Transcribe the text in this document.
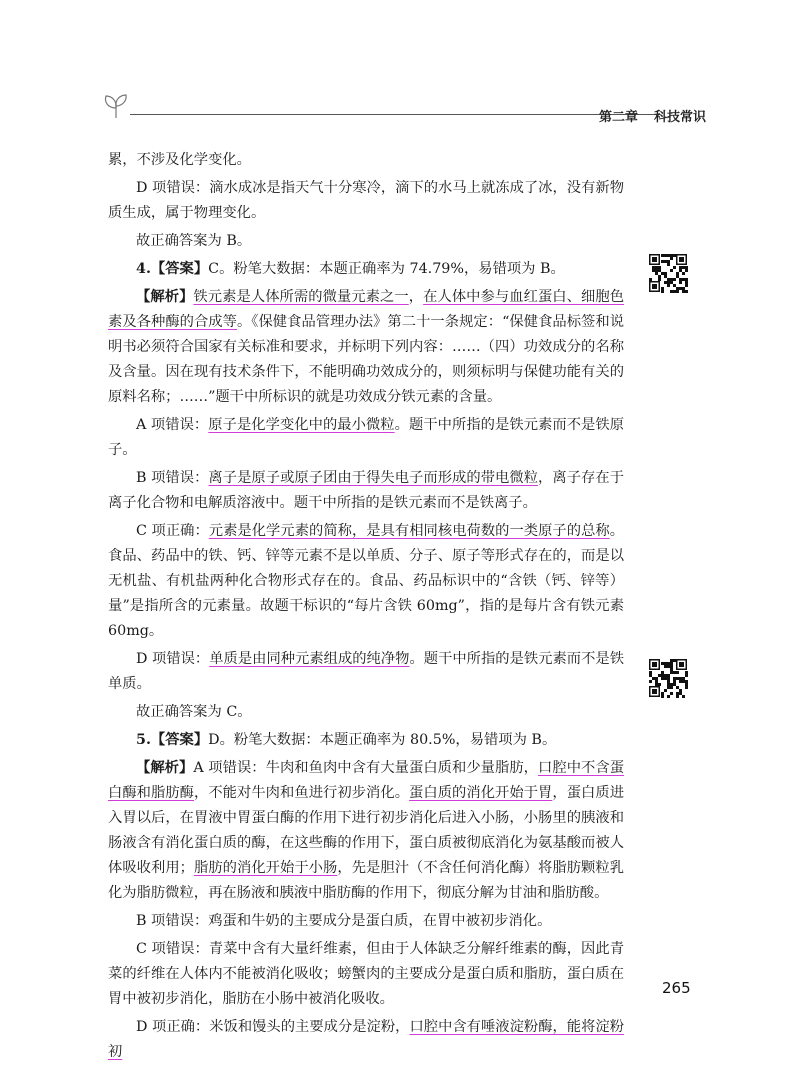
第二章 科技常识

累，不涉及化学变化。

D 项错误：滴水成冰是指天气十分寒冷，滴下的水马上就冻成了冰，没有新物质生成，属于物理变化。

故正确答案为 B。

4.【答案】C。粉笔大数据：本题正确率为 74.79%，易错项为 B。

【解析】铁元素是人体所需的微量元素之一，在人体中参与血红蛋白、细胞色素及各种酶的合成等。《保健食品管理办法》第二十一条规定：“保健食品标签和说明书必须符合国家有关标准和要求，并标明下列内容：……（四）功效成分的名称及含量。因在现有技术条件下，不能明确功效成分的，则须标明与保健功能有关的原料名称；……”题干中所标识的就是功效成分铁元素的含量。

A 项错误：原子是化学变化中的最小微粒。题干中所指的是铁元素而不是铁原子。

B 项错误：离子是原子或原子团由于得失电子而形成的带电微粒，离子存在于离子化合物和电解质溶液中。题干中所指的是铁元素而不是铁离子。

C 项正确：元素是化学元素的简称，是具有相同核电荷数的一类原子的总称。食品、药品中的铁、钙、锌等元素不是以单质、分子、原子等形式存在的，而是以无机盐、有机盐两种化合物形式存在的。食品、药品标识中的“含铁（钙、锌等）量”是指所含的元素量。故题干标识的“每片含铁 60mg”，指的是每片含有铁元素 60mg。

D 项错误：单质是由同种元素组成的纯净物。题干中所指的是铁元素而不是铁单质。

故正确答案为 C。

5.【答案】D。粉笔大数据：本题正确率为 80.5%，易错项为 B。

【解析】A 项错误：牛肉和鱼肉中含有大量蛋白质和少量脂肪，口腔中不含蛋白酶和脂肪酶，不能对牛肉和鱼进行初步消化。蛋白质的消化开始于胃，蛋白质进入胃以后，在胃液中胃蛋白酶的作用下进行初步消化后进入小肠，小肠里的胰液和肠液含有消化蛋白质的酶，在这些酶的作用下，蛋白质被彻底消化为氨基酸而被人体吸收利用；脂肪的消化开始于小肠，先是胆汁（不含任何消化酶）将脂肪颗粒乳化为脂肪微粒，再在肠液和胰液中脂肪酶的作用下，彻底分解为甘油和脂肪酸。

B 项错误：鸡蛋和牛奶的主要成分是蛋白质，在胃中被初步消化。

C 项错误：青菜中含有大量纤维素，但由于人体缺乏分解纤维素的酶，因此青菜的纤维在人体内不能被消化吸收；螃蟹肉的主要成分是蛋白质和脂肪，蛋白质在胃中被初步消化，脂肪在小肠中被消化吸收。

D 项正确：米饭和馒头的主要成分是淀粉，口腔中含有唾液淀粉酶，能将淀粉初

265
